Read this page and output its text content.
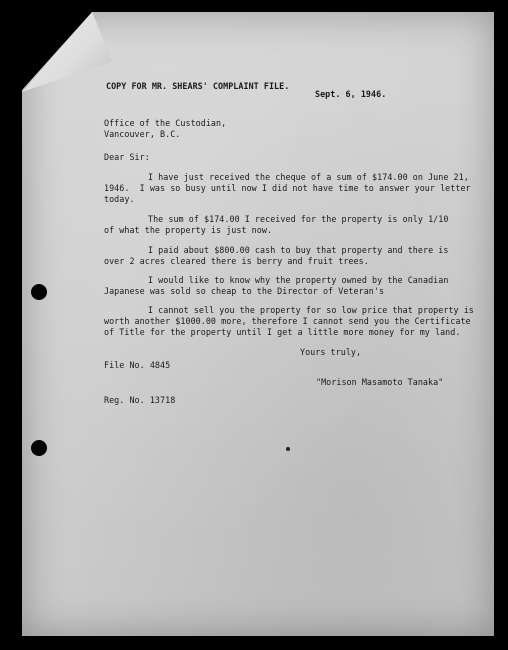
COPY FOR MR. SHEARS' COMPLAINT FILE.
Sept. 6, 1946.
Office of the Custodian,
Vancouver, B.C.
Dear Sir:
I have just received the cheque of a sum of $174.00 on June 21,
1946.  I was so busy until now I did not have time to answer your letter
today.
The sum of $174.00 I received for the property is only 1/10
of what the property is just now.
I paid about $800.00 cash to buy that property and there is
over 2 acres cleared there is berry and fruit trees.
I would like to know why the property owned by the Canadian
Japanese was sold so cheap to the Director of Veteran's
I cannot sell you the property for so low price that property is
worth another $1000.00 more, therefore I cannot send you the Certificate
of Title for the property until I get a little more money for my land.
Yours truly,
File No. 4845
"Morison Masamoto Tanaka"
Reg. No. 13718
